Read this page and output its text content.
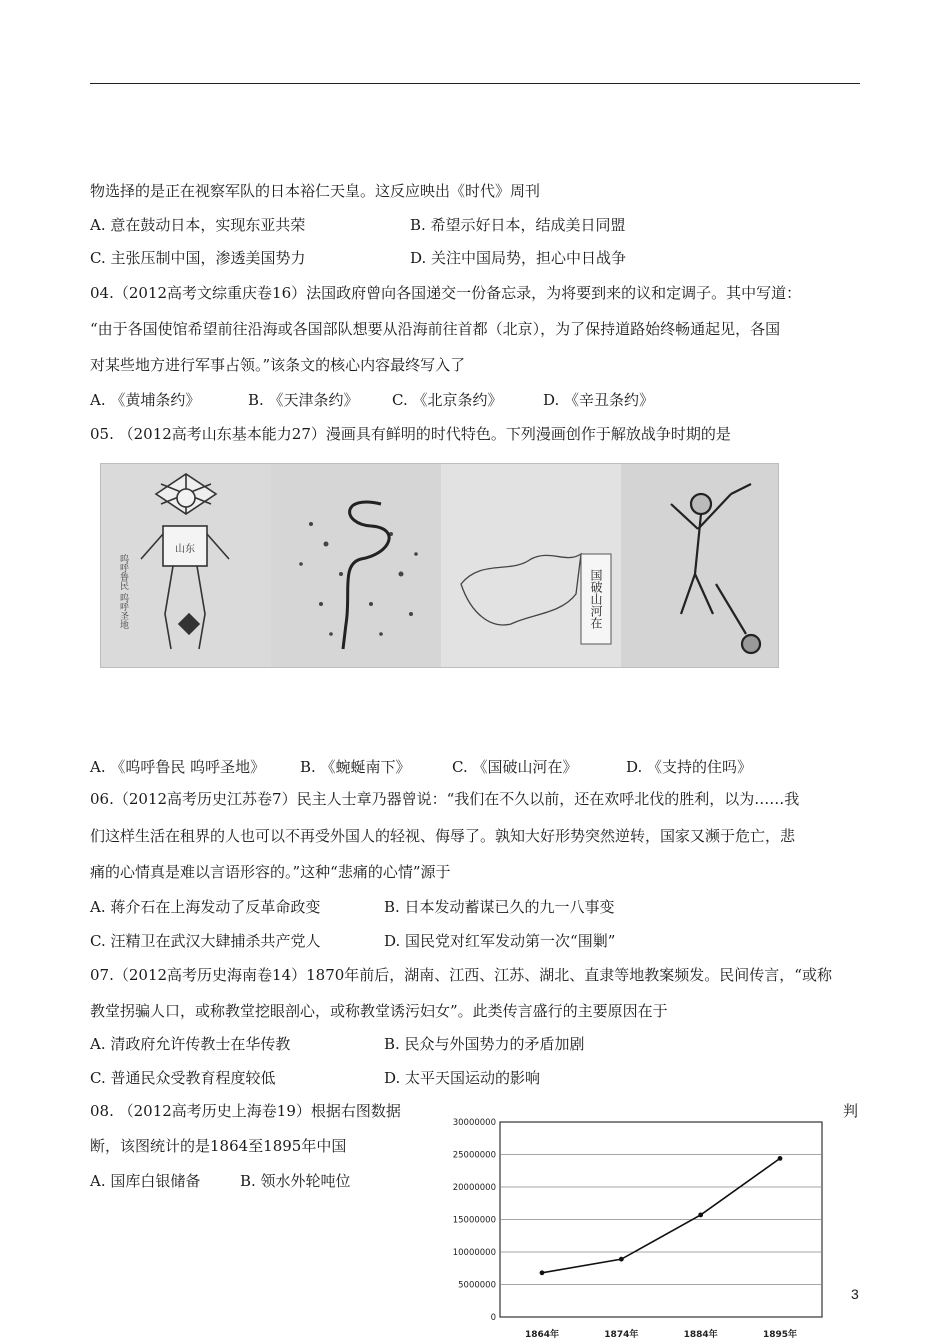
物选择的是正在视察军队的日本裕仁天皇。这反应映出《时代》周刊
A. 意在鼓动日本，实现东亚共荣	B. 希望示好日本，结成美日同盟
C. 主张压制中国，渗透美国势力	D. 关注中国局势，担心中日战争
04.（2012高考文综重庆卷16）法国政府曾向各国递交一份备忘录，为将要到来的议和定调子。其中写道：
“由于各国使馆希望前往沿海或各国部队想要从沿海前往首都（北京），为了保持道路始终畅通起见，各国
对某些地方进行军事占领。”该条文的核心内容最终写入了
A. 《黄埔条约》	B. 《天津条约》 C. 《北京条约》	D. 《辛丑条约》
05. （2012高考山东基本能力27）漫画具有鲜明的时代特色。下列漫画创作于解放战争时期的是
山东
呜呼鲁民 呜呼圣地	国破山河在
A. 《呜呼鲁民 呜呼圣地》 B. 《蜿蜒南下》	C. 《国破山河在》	D. 《支持的住吗》
06.（2012高考历史江苏卷7）民主人士章乃器曾说：“我们在不久以前，还在欢呼北伐的胜利，以为……我
们这样生活在租界的人也可以不再受外国人的轻视、侮辱了。孰知大好形势突然逆转，国家又濒于危亡，悲
痛的心情真是难以言语形容的。”这种“悲痛的心情”源于
A. 蒋介石在上海发动了反革命政变	B. 日本发动蓄谋已久的九一八事变
C. 汪精卫在武汉大肆捕杀共产党人	D. 国民党对红军发动第一次“围剿”
07.（2012高考历史海南卷14）1870年前后，湖南、江西、江苏、湖北、直隶等地教案频发。民间传言，“或称
教堂拐骗人口，或称教堂挖眼剖心，或称教堂诱污妇女”。此类传言盛行的主要原因在于
A. 清政府允许传教士在华传教	B. 民众与外国势力的矛盾加剧
C. 普通民众受教育程度较低	D. 太平天国运动的影响
08. （2012高考历史上海卷19）根据右图数据	判
断，该图统计的是1864至1895年中国
A. 国库白银储备	B. 领水外轮吨位
30000000
25000000
20000000
15000000
10000000
5000000
0
1864年	1874年	1884年	1895年
3
